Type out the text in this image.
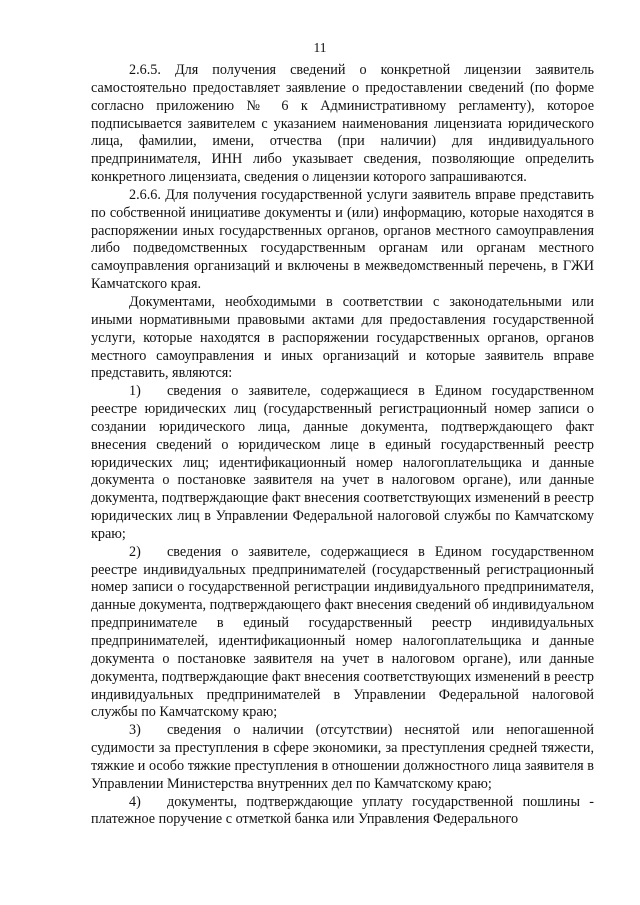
11

2.6.5. Для получения сведений о конкретной лицензии заявитель самостоятельно предоставляет заявление о предоставлении сведений (по форме согласно приложению № 6 к Административному регламенту), которое подписывается заявителем с указанием наименования лицензиата юридического лица, фамилии, имени, отчества (при наличии) для индивидуального предпринимателя, ИНН либо указывает сведения, позволяющие определить конкретного лицензиата, сведения о лицензии которого запрашиваются.

2.6.6. Для получения государственной услуги заявитель вправе представить по собственной инициативе документы и (или) информацию, которые находятся в распоряжении иных государственных органов, органов местного самоуправления либо подведомственных государственным органам или органам местного самоуправления организаций и включены в межведомственный перечень, в ГЖИ Камчатского края.

Документами, необходимыми в соответствии с законодательными или иными нормативными правовыми актами для предоставления государственной услуги, которые находятся в распоряжении государственных органов, органов местного самоуправления и иных организаций и которые заявитель вправе представить, являются:

1) сведения о заявителе, содержащиеся в Едином государственном реестре юридических лиц (государственный регистрационный номер записи о создании юридического лица, данные документа, подтверждающего факт внесения сведений о юридическом лице в единый государственный реестр юридических лиц; идентификационный номер налогоплательщика и данные документа о постановке заявителя на учет в налоговом органе), или данные документа, подтверждающие факт внесения соответствующих изменений в реестр юридических лиц в Управлении Федеральной налоговой службы по Камчатскому краю;

2) сведения о заявителе, содержащиеся в Едином государственном реестре индивидуальных предпринимателей (государственный регистрационный номер записи о государственной регистрации индивидуального предпринимателя, данные документа, подтверждающего факт внесения сведений об индивидуальном предпринимателе в единый государственный реестр индивидуальных предпринимателей, идентификационный номер налогоплательщика и данные документа о постановке заявителя на учет в налоговом органе), или данные документа, подтверждающие факт внесения соответствующих изменений в реестр индивидуальных предпринимателей в Управлении Федеральной налоговой службы по Камчатскому краю;

3) сведения о наличии (отсутствии) неснятой или непогашенной судимости за преступления в сфере экономики, за преступления средней тяжести, тяжкие и особо тяжкие преступления в отношении должностного лица заявителя в Управлении Министерства внутренних дел по Камчатскому краю;

4) документы, подтверждающие уплату государственной пошлины - платежное поручение с отметкой банка или Управления Федерального
